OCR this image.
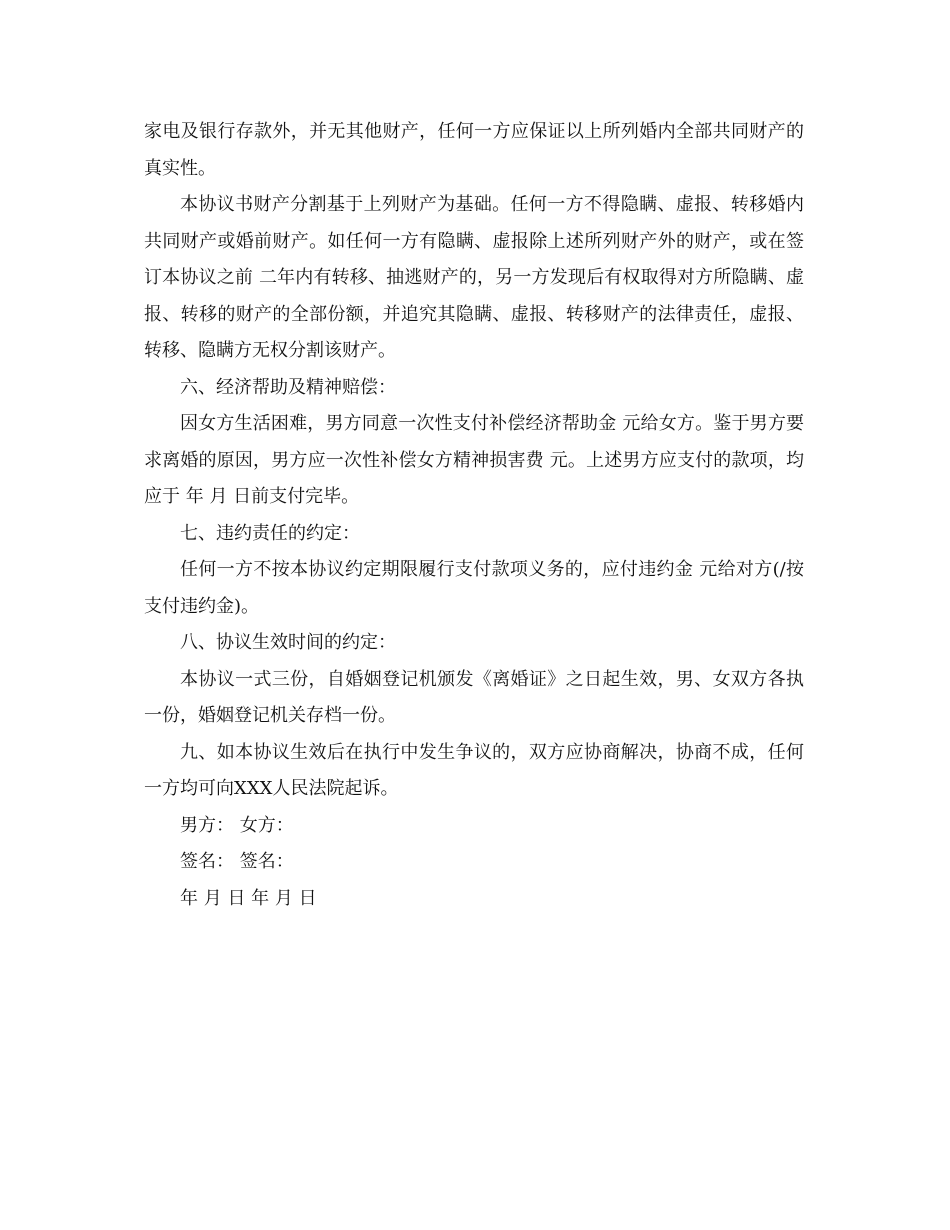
家电及银行存款外，并无其他财产，任何一方应保证以上所列婚内全部共同财产的真实性。

本协议书财产分割基于上列财产为基础。任何一方不得隐瞒、虚报、转移婚内共同财产或婚前财产。如任何一方有隐瞒、虚报除上述所列财产外的财产，或在签订本协议之前 二年内有转移、抽逃财产的，另一方发现后有权取得对方所隐瞒、虚报、转移的财产的全部份额，并追究其隐瞒、虚报、转移财产的法律责任，虚报、转移、隐瞒方无权分割该财产。

六、经济帮助及精神赔偿：

因女方生活困难，男方同意一次性支付补偿经济帮助金 元给女方。鉴于男方要求离婚的原因，男方应一次性补偿女方精神损害费 元。上述男方应支付的款项，均应于 年 月 日前支付完毕。

七、违约责任的约定：

任何一方不按本协议约定期限履行支付款项义务的，应付违约金 元给对方(/按 支付违约金)。

八、协议生效时间的约定：

本协议一式三份，自婚姻登记机颁发《离婚证》之日起生效，男、女双方各执一份，婚姻登记机关存档一份。

九、如本协议生效后在执行中发生争议的，双方应协商解决，协商不成，任何一方均可向XXX人民法院起诉。

男方： 女方：

签名： 签名：

年 月 日 年 月 日
